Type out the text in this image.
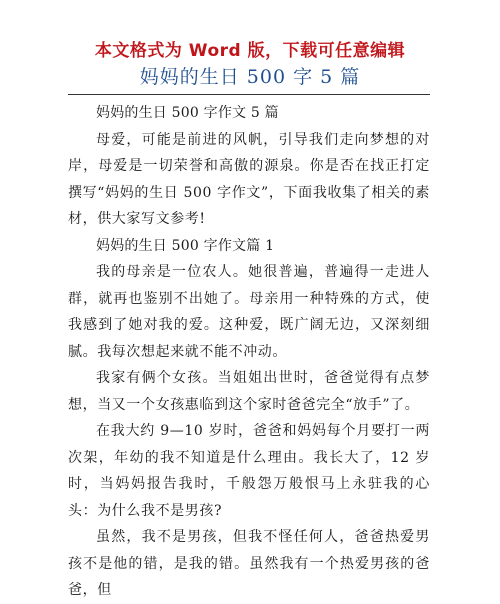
本文格式为 Word 版，下载可任意编辑
妈妈的生日 500 字 5 篇

妈妈的生日 500 字作文 5 篇

母爱，可能是前进的风帆，引导我们走向梦想的对岸，母爱是一切荣誉和高傲的源泉。你是否在找正打定撰写“妈妈的生日 500 字作文”，下面我收集了相关的素材，供大家写文参考!

妈妈的生日 500 字作文篇 1

我的母亲是一位农人。她很普遍，普遍得一走进人群，就再也鉴别不出她了。母亲用一种特殊的方式，使我感到了她对我的爱。这种爱，既广阔无边，又深刻细腻。我每次想起来就不能不冲动。

我家有俩个女孩。当姐姐出世时，爸爸觉得有点梦想，当又一个女孩惠临到这个家时爸爸完全“放手”了。

在我大约 9—10 岁时，爸爸和妈妈每个月要打一两次架，年幼的我不知道是什么理由。我长大了，12 岁时，当妈妈报告我时，千般怨万般恨马上永驻我的心头：为什么我不是男孩?

虽然，我不是男孩，但我不怪任何人，爸爸热爱男孩不是他的错，是我的错。虽然我有一个热爱男孩的爸爸，但
